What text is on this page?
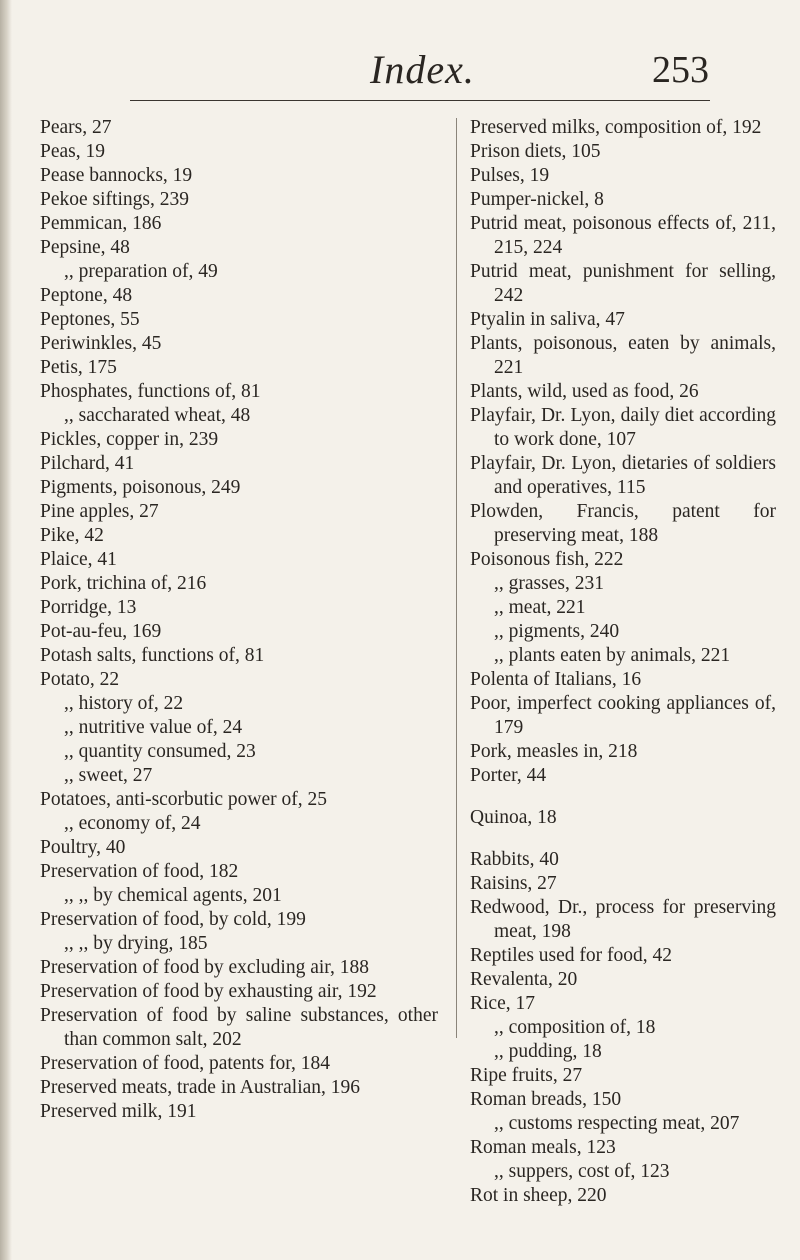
Index.	253
Pears, 27
Peas, 19
Pease bannocks, 19
Pekoe siftings, 239
Pemmican, 186
Pepsine, 48
,, preparation of, 49
Peptone, 48
Peptones, 55
Periwinkles, 45
Petis, 175
Phosphates, functions of, 81
,, saccharated wheat, 48
Pickles, copper in, 239
Pilchard, 41
Pigments, poisonous, 249
Pine apples, 27
Pike, 42
Plaice, 41
Pork, trichina of, 216
Porridge, 13
Pot-au-feu, 169
Potash salts, functions of, 81
Potato, 22
,, history of, 22
,, nutritive value of, 24
,, quantity consumed, 23
,, sweet, 27
Potatoes, anti-scorbutic power of, 25
,, economy of, 24
Poultry, 40
Preservation of food, 182
,, ,, by chemical agents, 201
Preservation of food, by cold, 199
,, ,, by drying, 185
Preservation of food by excluding air, 188
Preservation of food by exhausting air, 192
Preservation of food by saline substances, other than common salt, 202
Preservation of food, patents for, 184
Preserved meats, trade in Australian, 196
Preserved milk, 191
Preserved milks, composition of, 192
Prison diets, 105
Pulses, 19
Pumper-nickel, 8
Putrid meat, poisonous effects of, 211, 215, 224
Putrid meat, punishment for selling, 242
Ptyalin in saliva, 47
Plants, poisonous, eaten by animals, 221
Plants, wild, used as food, 26
Playfair, Dr. Lyon, daily diet according to work done, 107
Playfair, Dr. Lyon, dietaries of soldiers and operatives, 115
Plowden, Francis, patent for preserving meat, 188
Poisonous fish, 222
,, grasses, 231
,, meat, 221
,, pigments, 240
,, plants eaten by animals, 221
Polenta of Italians, 16
Poor, imperfect cooking appliances of, 179
Pork, measles in, 218
Porter, 44
Quinoa, 18
Rabbits, 40
Raisins, 27
Redwood, Dr., process for preserving meat, 198
Reptiles used for food, 42
Revalenta, 20
Rice, 17
,, composition of, 18
,, pudding, 18
Ripe fruits, 27
Roman breads, 150
,, customs respecting meat, 207
Roman meals, 123
,, suppers, cost of, 123
Rot in sheep, 220
